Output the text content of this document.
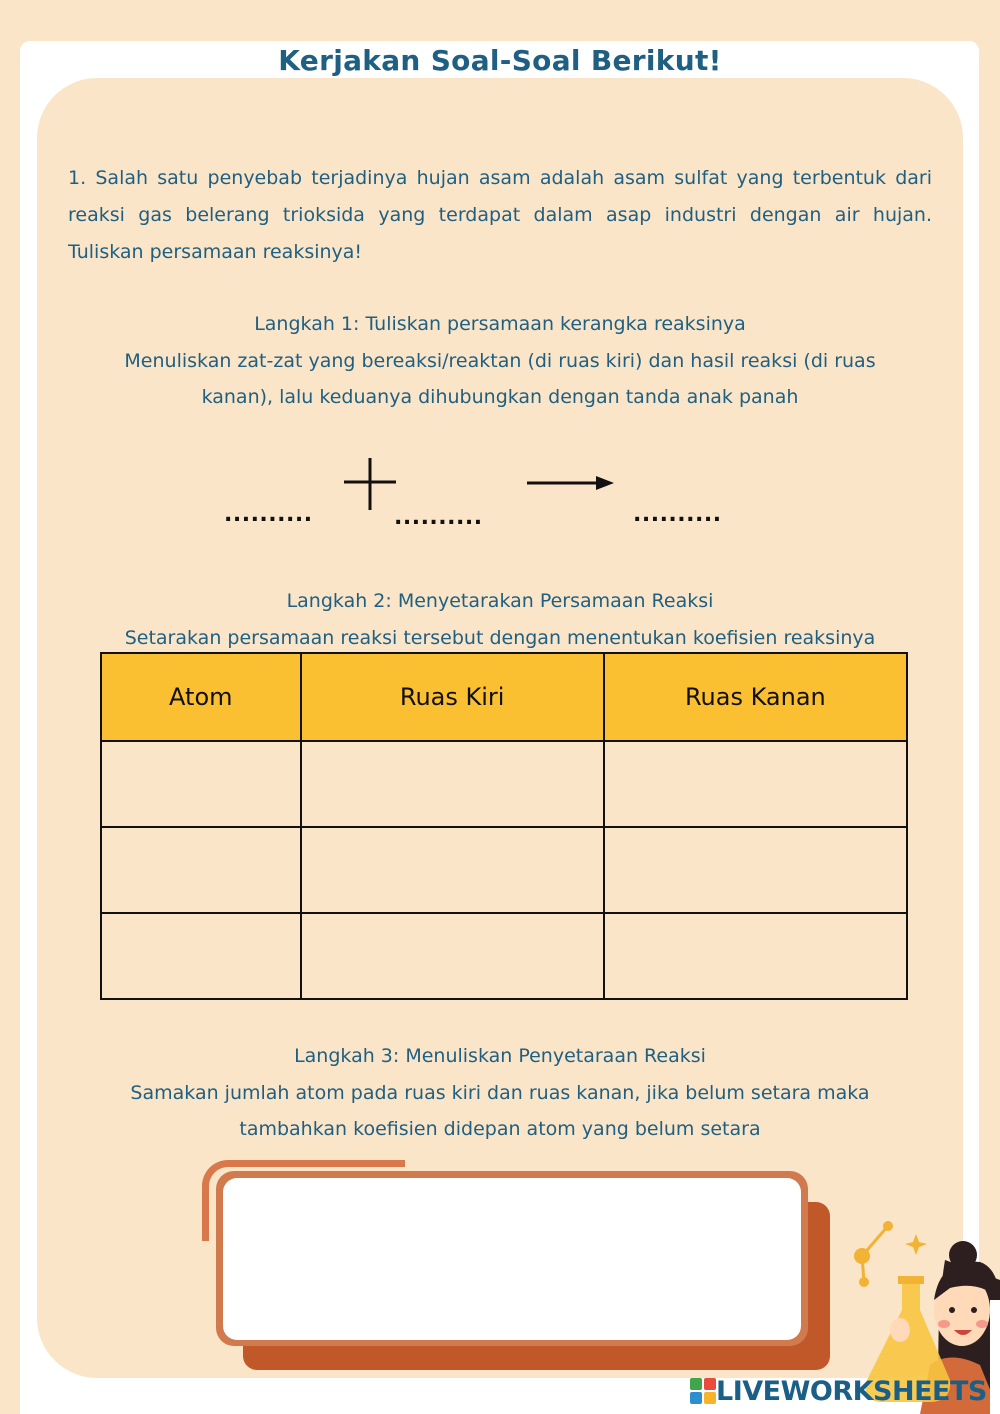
Kerjakan Soal-Soal Berikut!
1. Salah satu penyebab terjadinya hujan asam adalah asam sulfat yang terbentuk dari reaksi gas belerang trioksida yang terdapat dalam asap industri dengan air hujan. Tuliskan persamaan reaksinya!
Langkah 1: Tuliskan persamaan kerangka reaksinya
Menuliskan zat-zat yang bereaksi/reaktan (di ruas kiri) dan hasil reaksi (di ruas
kanan), lalu keduanya dihubungkan dengan tanda anak panah
..........	..........	..........
Langkah 2: Menyetarakan Persamaan Reaksi
Setarakan persamaan reaksi tersebut dengan menentukan koefisien reaksinya
Atom	Ruas Kiri	Ruas Kanan

Langkah 3: Menuliskan Penyetaraan Reaksi
Samakan jumlah atom pada ruas kiri dan ruas kanan, jika belum setara maka
tambahkan koefisien didepan atom yang belum setara
LIVEWORKSHEETS
